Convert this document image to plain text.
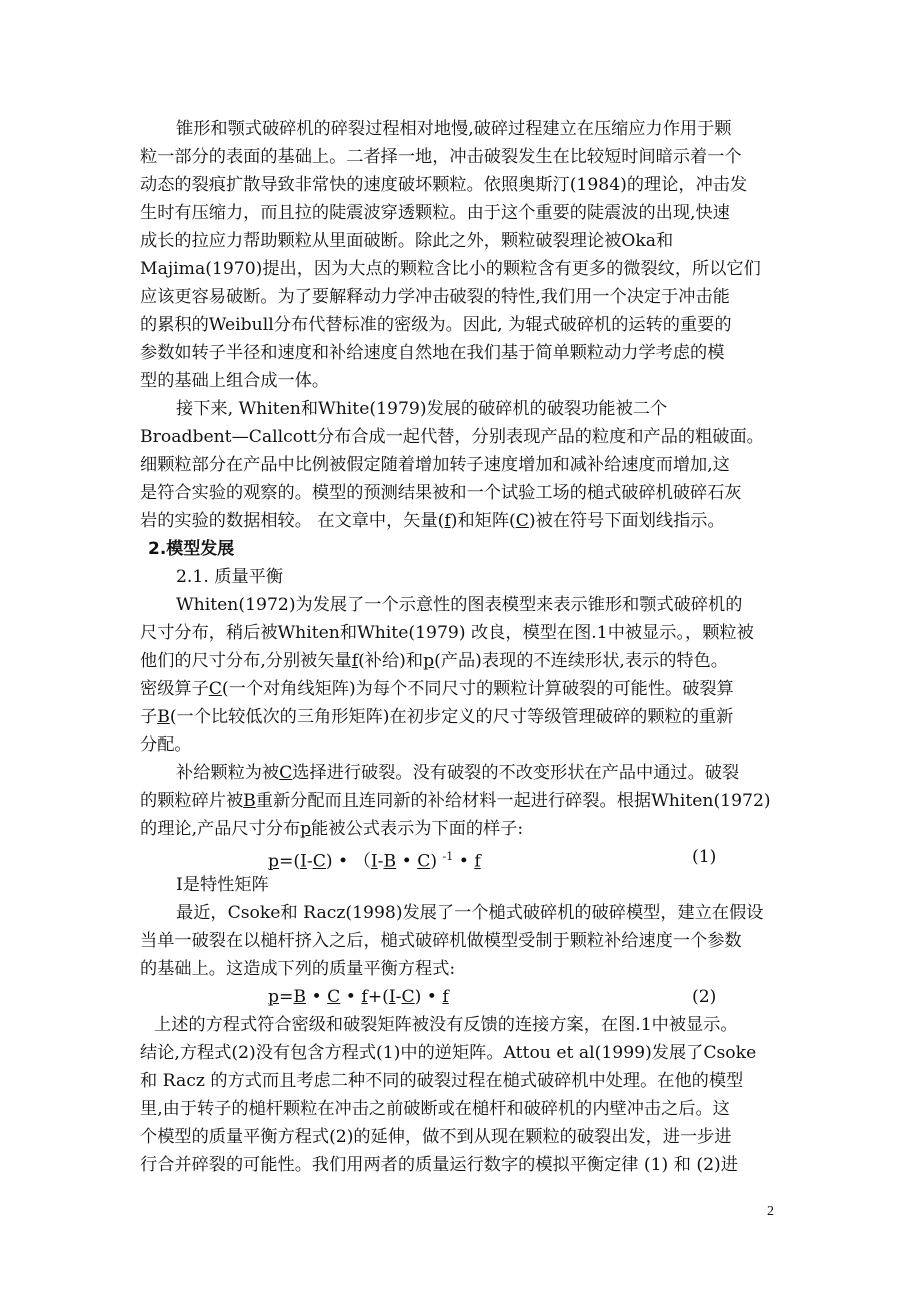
锥形和颚式破碎机的碎裂过程相对地慢,破碎过程建立在压缩应力作用于颗
粒一部分的表面的基础上。二者择一地，冲击破裂发生在比较短时间暗示着一个
动态的裂痕扩散导致非常快的速度破坏颗粒。依照奥斯汀(1984)的理论，冲击发
生时有压缩力，而且拉的陡震波穿透颗粒。由于这个重要的陡震波的出现,快速
成长的拉应力帮助颗粒从里面破断。除此之外，颗粒破裂理论被Oka和
Majima(1970)提出，因为大点的颗粒含比小的颗粒含有更多的微裂纹，所以它们
应该更容易破断。为了要解释动力学冲击破裂的特性,我们用一个决定于冲击能
的累积的Weibull分布代替标准的密级为。因此, 为辊式破碎机的运转的重要的
参数如转子半径和速度和补给速度自然地在我们基于简单颗粒动力学考虑的模
型的基础上组合成一体。
接下来, Whiten和White(1979)发展的破碎机的破裂功能被二个
Broadbent—Callcott分布合成一起代替，分别表现产品的粒度和产品的粗破面。
细颗粒部分在产品中比例被假定随着增加转子速度增加和减补给速度而增加,这
是符合实验的观察的。模型的预测结果被和一个试验工场的槌式破碎机破碎石灰
岩的实验的数据相较。 在文章中，矢量(f)和矩阵(C)被在符号下面划线指示。
2.模型发展
2.1. 质量平衡
Whiten(1972)为发展了一个示意性的图表模型来表示锥形和颚式破碎机的
尺寸分布，稍后被Whiten和White(1979) 改良，模型在图.1中被显示。，颗粒被
他们的尺寸分布,分别被矢量f(补给)和p(产品)表现的不连续形状,表示的特色。
密级算子C(一个对角线矩阵)为每个不同尺寸的颗粒计算破裂的可能性。破裂算
子B(一个比较低次的三角形矩阵)在初步定义的尺寸等级管理破碎的颗粒的重新
分配。
补给颗粒为被C选择进行破裂。没有破裂的不改变形状在产品中通过。破裂
的颗粒碎片被B重新分配而且连同新的补给材料一起进行碎裂。根据Whiten(1972)
的理论,产品尺寸分布p能被公式表示为下面的样子:
p=(I-C) • （I-B • C) $^{-1}$ • f	(1)
I是特性矩阵
最近，Csoke和 Racz(1998)发展了一个槌式破碎机的破碎模型，建立在假设
当单一破裂在以槌杆挤入之后，槌式破碎机做模型受制于颗粒补给速度一个参数
的基础上。这造成下列的质量平衡方程式:
p=B • C • f+(I-C) • f	(2)
上述的方程式符合密级和破裂矩阵被没有反馈的连接方案，在图.1中被显示。
结论,方程式(2)没有包含方程式(1)中的逆矩阵。Attou et al(1999)发展了Csoke
和 Racz 的方式而且考虑二种不同的破裂过程在槌式破碎机中处理。在他的模型
里,由于转子的槌杆颗粒在冲击之前破断或在槌杆和破碎机的内壁冲击之后。这
个模型的质量平衡方程式(2)的延伸，做不到从现在颗粒的破裂出发，进一步进
行合并碎裂的可能性。我们用两者的质量运行数字的模拟平衡定律 (1) 和 (2)进
2
